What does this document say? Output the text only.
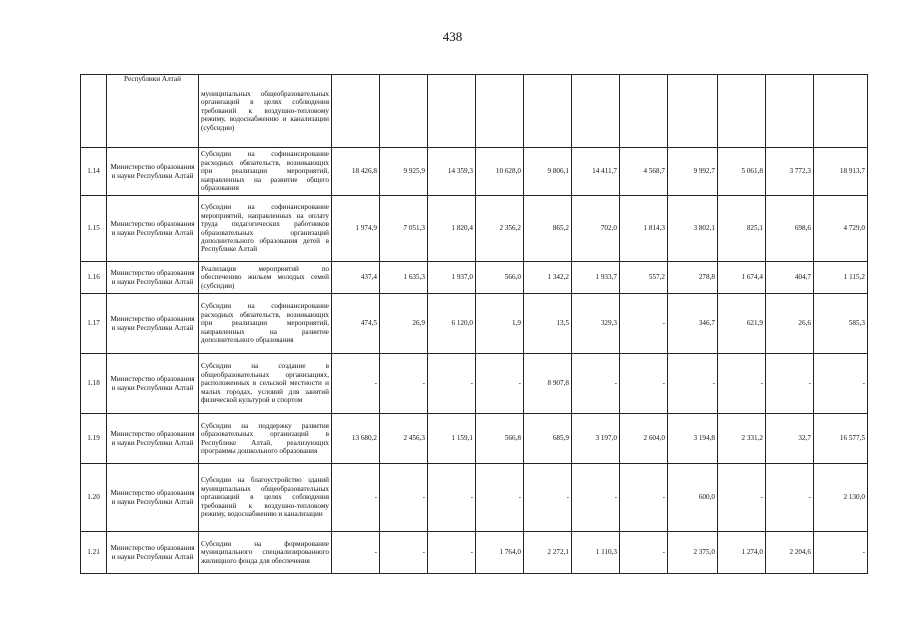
438
	Республики Алтай	муниципальных общеобразовательных организаций в целях соблюдения требований к воздушно-тепловому режиму, водоснабжению и канализации (субсидии)											
1.14	Министерство образования и науки Республики Алтай	Субсидии на софинансирование расходных обязательств, возникающих при реализации мероприятий, направленных на развитие общего образования	18 426,8	9 925,9	14 359,3	10 628,0	9 806,1	14 411,7	4 568,7	9 992,7	5 061,8	3 772,3	18 913,7
1.15	Министерство образования и науки Республики Алтай	Субсидии на софинансирование мероприятий, направленных на оплату труда педагогических работников образовательных организаций дополнительного образования детей в Республике Алтай	1 974,9	7 051,3	1 820,4	2 356,2	865,2	702,0	1 814,3	3 802,1	825,1	698,6	4 729,0
1.16	Министерство образования и науки Республики Алтай	Реализация мероприятий по обеспечению жильем молодых семей (субсидии)	437,4	1 635,3	1 937,0	566,0	1 342,2	1 933,7	557,2	278,8	1 674,4	404,7	1 115,2
1.17	Министерство образования и науки Республики Алтай	Субсидии на софинансирование расходных обязательств, возникающих при реализации мероприятий, направленных на развитие дополнительного образования	474,5	26,9	6 120,0	1,9	13,5	329,3	-	346,7	621,9	26,6	585,3
1.18	Министерство образования и науки Республики Алтай	Субсидии на создание в общеобразовательных организациях, расположенных в сельской местности и малых городах, условий для занятий физической культурой и спортом	-	-	-	-	8 907,8	-	-	-	-	-	-
1.19	Министерство образования и науки Республики Алтай	Субсидии на поддержку развития образовательных организаций в Республике Алтай, реализующих программы дошкольного образования	13 680,2	2 456,3	1 159,1	566,8	685,9	3 197,0	2 604,0	3 194,8	2 331,2	32,7	16 577,5
1.20	Министерство образования и науки Республики Алтай	Субсидии на благоустройство зданий муниципальных общеобразовательных организаций в целях соблюдения требований к воздушно-тепловому режиму, водоснабжению и канализации	-	-	-	-	-	-	-	600,0	-	-	2 130,0
1.21	Министерство образования и науки Республики Алтай	Субсидии на формирование муниципального специализированного жилищного фонда для обеспечения	-	-	-	1 764,0	2 272,1	1 110,3	-	2 375,0	1 274,0	2 204,6	-
